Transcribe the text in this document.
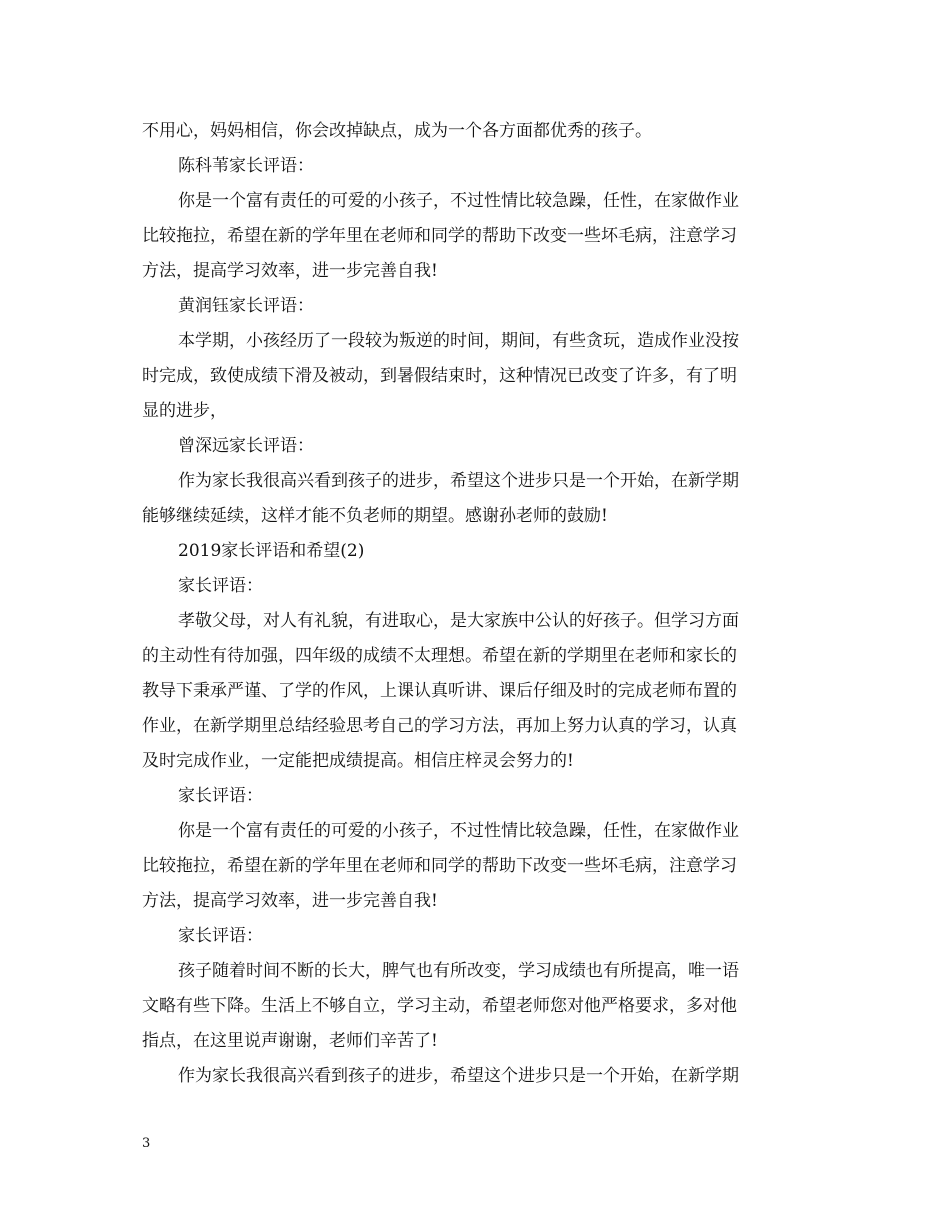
不用心，妈妈相信，你会改掉缺点，成为一个各方面都优秀的孩子。
陈科苇家长评语：
你是一个富有责任的可爱的小孩子，不过性情比较急躁，任性，在家做作业
比较拖拉，希望在新的学年里在老师和同学的帮助下改变一些坏毛病，注意学习
方法，提高学习效率，进一步完善自我!
黄润钰家长评语：
本学期，小孩经历了一段较为叛逆的时间，期间，有些贪玩，造成作业没按
时完成，致使成绩下滑及被动，到暑假结束时，这种情况已改变了许多，有了明
显的进步，
曾深远家长评语：
作为家长我很高兴看到孩子的进步，希望这个进步只是一个开始，在新学期
能够继续延续，这样才能不负老师的期望。感谢孙老师的鼓励!
2019家长评语和希望(2)
家长评语：
孝敬父母，对人有礼貌，有进取心，是大家族中公认的好孩子。但学习方面
的主动性有待加强，四年级的成绩不太理想。希望在新的学期里在老师和家长的
教导下秉承严谨、了学的作风，上课认真听讲、课后仔细及时的完成老师布置的
作业，在新学期里总结经验思考自己的学习方法，再加上努力认真的学习，认真
及时完成作业，一定能把成绩提高。相信庄梓灵会努力的!
家长评语：
你是一个富有责任的可爱的小孩子，不过性情比较急躁，任性，在家做作业
比较拖拉，希望在新的学年里在老师和同学的帮助下改变一些坏毛病，注意学习
方法，提高学习效率，进一步完善自我!
家长评语：
孩子随着时间不断的长大，脾气也有所改变，学习成绩也有所提高，唯一语
文略有些下降。生活上不够自立，学习主动，希望老师您对他严格要求，多对他
指点，在这里说声谢谢，老师们辛苦了!
作为家长我很高兴看到孩子的进步，希望这个进步只是一个开始，在新学期
3
